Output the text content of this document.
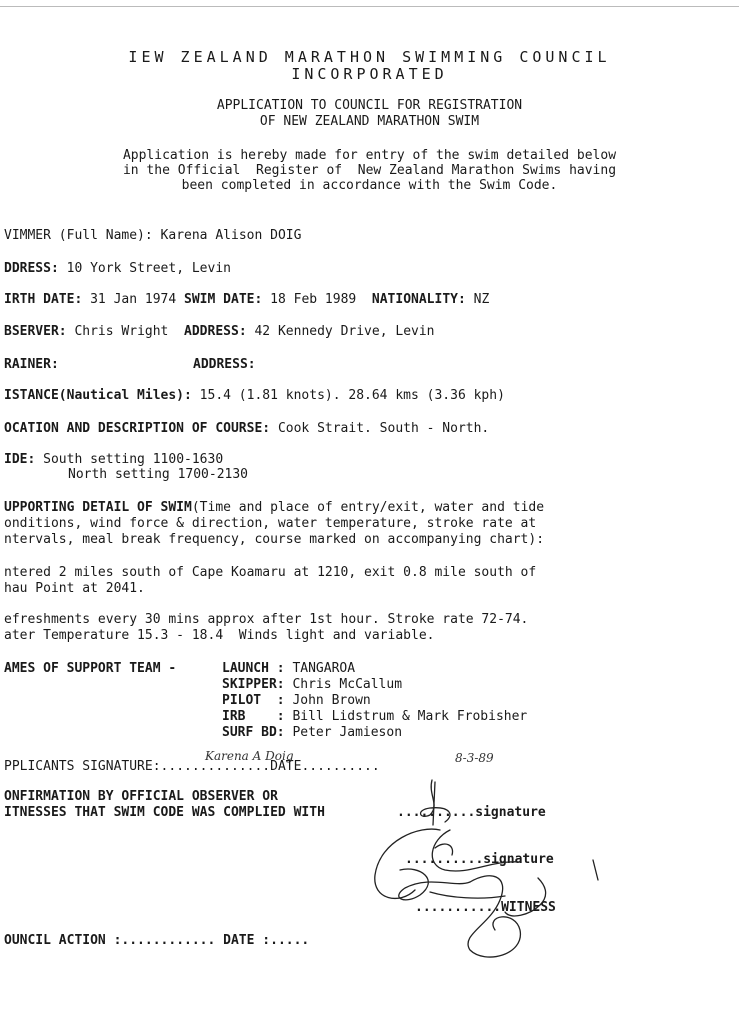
IEW ZEALAND MARATHON SWIMMING COUNCIL
INCORPORATED
APPLICATION TO COUNCIL FOR REGISTRATION
OF NEW ZEALAND MARATHON SWIM
Application is hereby made for entry of the swim detailed below
in the Official  Register of  New Zealand Marathon Swims having
been completed in accordance with the Swim Code.
VIMMER (Full Name): Karena Alison DOIG
DDRESS: 10 York Street, Levin
IRTH DATE: 31 Jan 1974 SWIM DATE: 18 Feb 1989 NATIONALITY: NZ
BSERVER: Chris Wright ADDRESS: 42 Kennedy Drive, Levin
RAINER:	ADDRESS:
ISTANCE(Nautical Miles): 15.4 (1.81 knots). 28.64 kms (3.36 kph)
OCATION AND DESCRIPTION OF COURSE: Cook Strait. South - North.
IDE: South setting 1100-1630
North setting 1700-2130
UPPORTING DETAIL OF SWIM(Time and place of entry/exit, water and tide
onditions, wind force & direction, water temperature, stroke rate at
ntervals, meal break frequency, course marked on accompanying chart):
ntered 2 miles south of Cape Koamaru at 1210, exit 0.8 mile south of
hau Point at 2041.
efreshments every 30 mins approx after 1st hour. Stroke rate 72-74.
ater Temperature 15.3 - 18.4  Winds light and variable.
AMES OF SUPPORT TEAM -	LAUNCH : TANGAROA
SKIPPER: Chris McCallum
PILOT  : John Brown
IRB    : Bill Lidstrum & Mark Frobisher
SURF BD: Peter Jamieson
PPLICANTS SIGNATURE:..............DATE..........
Karena A Doig	8-3-89
ONFIRMATION BY OFFICIAL OBSERVER OR
ITNESSES THAT SWIM CODE WAS COMPLIED WITH	..........signature
..........signature
...........WITNESS
OUNCIL ACTION :............ DATE :.....
